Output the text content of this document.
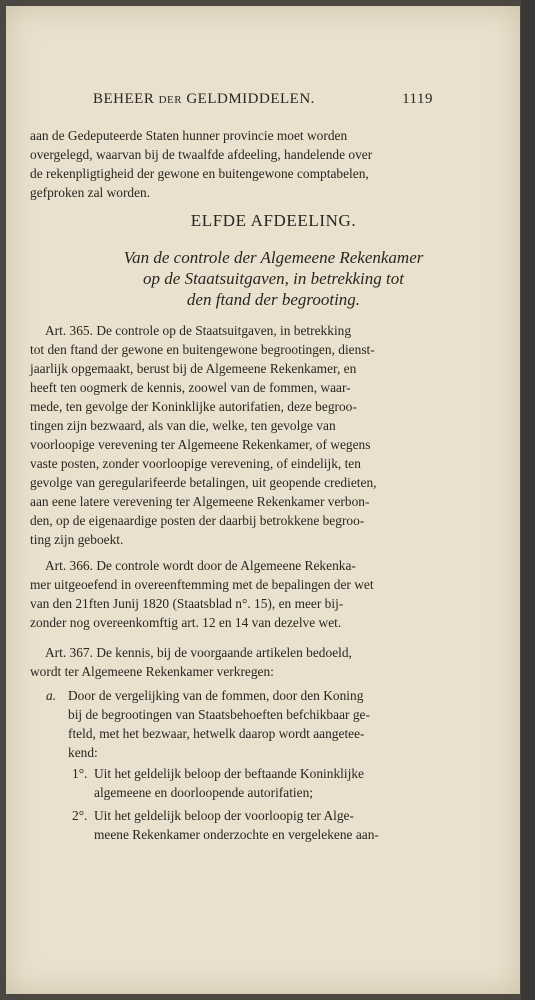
BEHEER DER GELDMIDDELEN.	1119

aan de Gedeputeerde Staten hunner provincie moet worden

overgelegd, waarvan bij de twaalfde afdeeling, handelende over

de rekenpligtigheid der gewone en buitengewone comptabelen,

gefproken zal worden.

ELFDE AFDEELING.

Van de controle der Algemeene Rekenkamer

op de Staatsuitgaven, in betrekking tot

den ftand der begrooting.

Art. 365. De controle op de Staatsuitgaven, in betrekking

tot den ftand der gewone en buitengewone begrootingen, dienst-

jaarlijk opgemaakt, berust bij de Algemeene Rekenkamer, en

heeft ten oogmerk de kennis, zoowel van de fommen, waar-

mede, ten gevolge der Koninklijke autorifatien, deze begroo-

tingen zijn bezwaard, als van die, welke, ten gevolge van

voorloopige verevening ter Algemeene Rekenkamer, of wegens

vaste posten, zonder voorloopige verevening, of eindelijk, ten

gevolge van geregularifeerde betalingen, uit geopende credieten,

aan eene latere verevening ter Algemeene Rekenkamer verbon-

den, op de eigenaardige posten der daarbij betrokkene begroo-

ting zijn geboekt.

Art. 366. De controle wordt door de Algemeene Rekenka-

mer uitgeoefend in overeenftemming met de bepalingen der wet

van den 21ften Junij 1820 (Staatsblad n°. 15), en meer bij-

zonder nog overeenkomftig art. 12 en 14 van dezelve wet.

Art. 367. De kennis, bij de voorgaande artikelen bedoeld,

wordt ter Algemeene Rekenkamer verkregen:

a. Door de vergelijking van de fommen, door den Koning

bij de begrootingen van Staatsbehoeften befchikbaar ge-

fteld, met het bezwaar, hetwelk daarop wordt aangetee-

kend:

1°. Uit het geldelijk beloop der beftaande Koninklijke

algemeene en doorloopende autorifatien;

2°. Uit het geldelijk beloop der voorloopig ter Alge-

meene Rekenkamer onderzochte en vergelekene aan-
